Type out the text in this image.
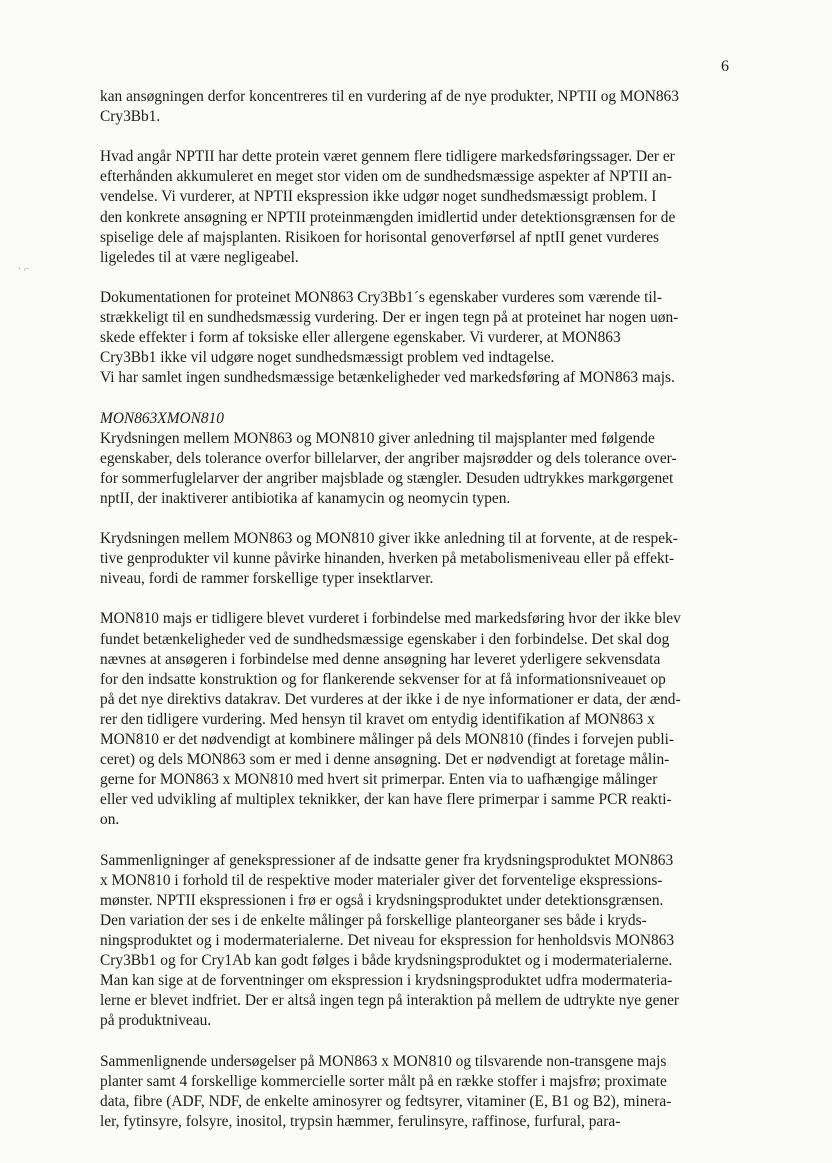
6
· ⌐
kan ansøgningen derfor koncentreres til en vurdering af de nye produkter, NPTII og MON863
Cry3Bb1.
Hvad angår NPTII har dette protein været gennem flere tidligere markedsføringssager. Der er
efterhånden akkumuleret en meget stor viden om de sundhedsmæssige aspekter af NPTII an-
vendelse. Vi vurderer, at NPTII ekspression ikke udgør noget sundhedsmæssigt problem. I
den konkrete ansøgning er NPTII proteinmængden imidlertid under detektionsgrænsen for de
spiselige dele af majsplanten. Risikoen for horisontal genoverførsel af nptII genet vurderes
ligeledes til at være negligeabel.
Dokumentationen for proteinet MON863 Cry3Bb1´s egenskaber vurderes som værende til-
strækkeligt til en sundhedsmæssig vurdering. Der er ingen tegn på at proteinet har nogen uøn-
skede effekter i form af toksiske eller allergene egenskaber. Vi vurderer, at MON863
Cry3Bb1 ikke vil udgøre noget sundhedsmæssigt problem ved indtagelse.
Vi har samlet ingen sundhedsmæssige betænkeligheder ved markedsføring af MON863 majs.
MON863XMON810
Krydsningen mellem MON863 og MON810 giver anledning til majsplanter med følgende
egenskaber, dels tolerance overfor billelarver, der angriber majsrødder og dels tolerance over-
for sommerfuglelarver der angriber majsblade og stængler. Desuden udtrykkes markgørgenet
nptII, der inaktiverer antibiotika af kanamycin og neomycin typen.
Krydsningen mellem MON863 og MON810 giver ikke anledning til at forvente, at de respek-
tive genprodukter vil kunne påvirke hinanden, hverken på metabolismeniveau eller på effekt-
niveau, fordi de rammer forskellige typer insektlarver.
MON810 majs er tidligere blevet vurderet i forbindelse med markedsføring hvor der ikke blev
fundet betænkeligheder ved de sundhedsmæssige egenskaber i den forbindelse. Det skal dog
nævnes at ansøgeren i forbindelse med denne ansøgning har leveret yderligere sekvensdata
for den indsatte konstruktion og for flankerende sekvenser for at få informationsniveauet op
på det nye direktivs datakrav. Det vurderes at der ikke i de nye informationer er data, der ænd-
rer den tidligere vurdering. Med hensyn til kravet om entydig identifikation af MON863 x
MON810 er det nødvendigt at kombinere målinger på dels MON810 (findes i forvejen publi-
ceret) og dels MON863 som er med i denne ansøgning. Det er nødvendigt at foretage målin-
gerne for MON863 x MON810 med hvert sit primerpar. Enten via to uafhængige målinger
eller ved udvikling af multiplex teknikker, der kan have flere primerpar i samme PCR reakti-
on.
Sammenligninger af genekspressioner af de indsatte gener fra krydsningsproduktet MON863
x MON810 i forhold til de respektive moder materialer giver det forventelige ekspressions-
mønster. NPTII ekspressionen i frø er også i krydsningsproduktet under detektionsgrænsen.
Den variation der ses i de enkelte målinger på forskellige planteorganer ses både i kryds-
ningsproduktet og i modermaterialerne. Det niveau for ekspression for henholdsvis MON863
Cry3Bb1 og for Cry1Ab kan godt følges i både krydsningsproduktet og i modermaterialerne.
Man kan sige at de forventninger om ekspression i krydsningsproduktet udfra modermateria-
lerne er blevet indfriet. Der er altså ingen tegn på interaktion på mellem de udtrykte nye gener
på produktniveau.
Sammenlignende undersøgelser på MON863 x MON810 og tilsvarende non-transgene majs
planter samt 4 forskellige kommercielle sorter målt på en række stoffer i majsfrø; proximate
data, fibre (ADF, NDF, de enkelte aminosyrer og fedtsyrer, vitaminer (E, B1 og B2), minera-
ler, fytinsyre, folsyre, inositol, trypsin hæmmer, ferulinsyre, raffinose, furfural, para-
